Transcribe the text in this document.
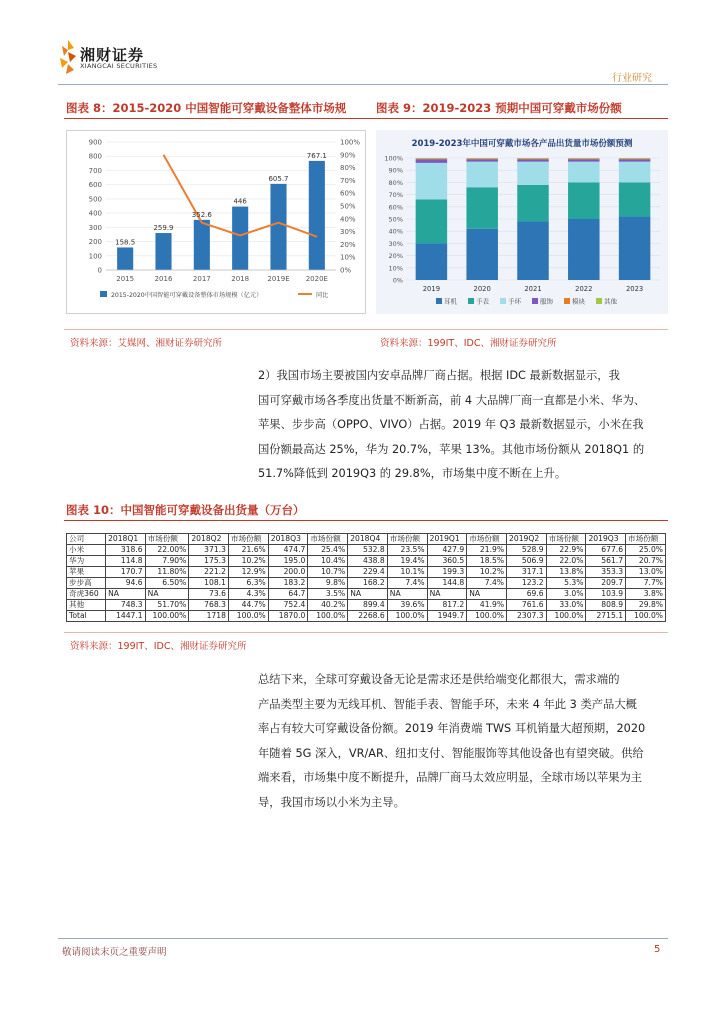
湘财证券
XIANGCAI SECURITIES
行业研究
图表 8：2015-2020 中国智能可穿戴设备整体市场规	图表 9：2019-2023 预期中国可穿戴市场份额
158.5
259.9
352.6
446
605.7
767.1
0
100
200
300
400
500
600
700
800
900
0%
10%
20%
30%
40%
50%
60%
70%
80%
90%
100%
2015	2016	2017	2018	2019E 2020E
2015-2020中国智能可穿戴设备整体市场规模（亿元）	同比
2019-2023年中国可穿戴市场各产品出货量市场份额预测
0%
10%
20%
30%
40%
50%
60%
70%
80%
90%
100%
2019	2020	2021	2022	2023
耳机	手表	手环	服饰	模块	其他
资料来源：艾媒网、湘财证券研究所	资料来源：199IT、IDC、湘财证券研究所

2）我国市场主要被国内安卓品牌厂商占据。根据 IDC 最新数据显示，我

国可穿戴市场各季度出货量不断新高，前 4 大品牌厂商一直都是小米、华为、

苹果、步步高（OPPO、VIVO）占据。2019 年 Q3 最新数据显示，小米在我

国份额最高达 25%，华为 20.7%，苹果 13%。其他市场份额从 2018Q1 的

51.7%降低到 2019Q3 的 29.8%，市场集中度不断在上升。

图表 10：中国智能可穿戴设备出货量（万台）
公司	2018Q1	市场份额	2018Q2	市场份额	2018Q3	市场份额	2018Q4	市场份额	2019Q1	市场份额	2019Q2	市场份额	2019Q3	市场份额
小米	318.6	22.00%	371.3	21.6%	474.7	25.4%	532.8	23.5%	427.9	21.9%	528.9	22.9%	677.6	25.0%
华为	114.8	7.90%	175.3	10.2%	195.0	10.4%	438.8	19.4%	360.5	18.5%	506.9	22.0%	561.7	20.7%
苹果	170.7	11.80%	221.2	12.9%	200.0	10.7%	229.4	10.1%	199.3	10.2%	317.1	13.8%	353.3	13.0%
步步高	94.6	6.50%	108.1	6.3%	183.2	9.8%	168.2	7.4%	144.8	7.4%	123.2	5.3%	209.7	7.7%
奇虎360	NA	NA	73.6	4.3%	64.7	3.5%	NA	NA	NA	NA	69.6	3.0%	103.9	3.8%
其他	748.3	51.70%	768.3	44.7%	752.4	40.2%	899.4	39.6%	817.2	41.9%	761.6	33.0%	808.9	29.8%
Total	1447.1	100.00%	1718	100.0%	1870.0	100.0%	2268.6	100.0%	1949.7	100.0%	2307.3	100.0%	2715.1	100.0%
资料来源：199IT、IDC、湘财证券研究所

总结下来，全球可穿戴设备无论是需求还是供给端变化都很大，需求端的

产品类型主要为无线耳机、智能手表、智能手环，未来 4 年此 3 类产品大概

率占有较大可穿戴设备份额。2019 年消费端 TWS 耳机销量大超预期，2020

年随着 5G 深入，VR/AR、纽扣支付、智能服饰等其他设备也有望突破。供给

端来看，市场集中度不断提升，品牌厂商马太效应明显，全球市场以苹果为主

导，我国市场以小米为主导。

敬请阅读末页之重要声明	5
